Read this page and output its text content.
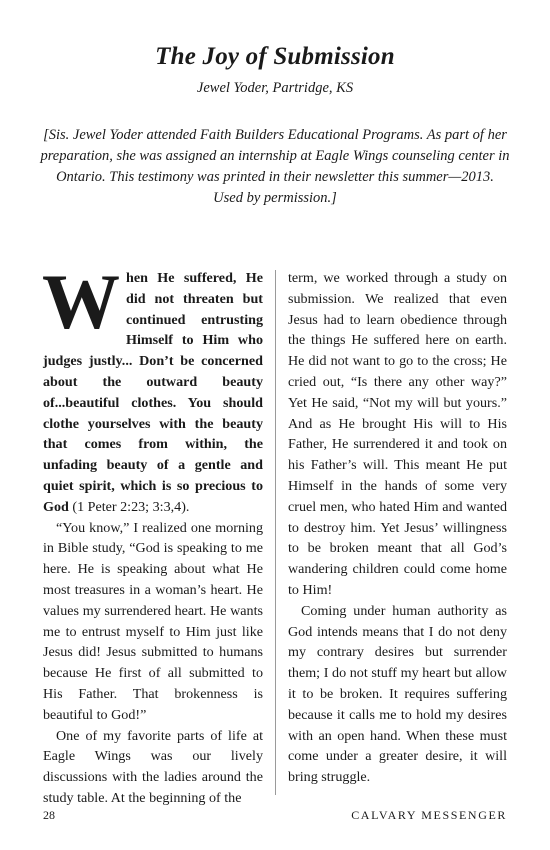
The Joy of Submission
Jewel Yoder, Partridge, KS
[Sis. Jewel Yoder attended Faith Builders Educational Programs. As part of her preparation, she was assigned an internship at Eagle Wings counseling center in Ontario. This testimony was printed in their newsletter this summer—2013. Used by permission.]

When He suffered, He did not threaten but continued entrusting Himself to Him who judges justly... Don’t be concerned about the outward beauty of...beautiful clothes. You should clothe yourselves with the beauty that comes from within, the unfading beauty of a gentle and quiet spirit, which is so precious to God (1 Peter 2:23; 3:3,4).

“You know,” I realized one morning in Bible study, “God is speaking to me here. He is speaking about what He most treasures in a woman’s heart. He values my surrendered heart. He wants me to entrust myself to Him just like Jesus did! Jesus submitted to humans because He first of all submitted to His Father. That brokenness is beautiful to God!”

One of my favorite parts of life at Eagle Wings was our lively discussions with the ladies around the study table. At the beginning of the

term, we worked through a study on submission. We realized that even Jesus had to learn obedience through the things He suffered here on earth. He did not want to go to the cross; He cried out, “Is there any other way?” Yet He said, “Not my will but yours.” And as He brought His will to His Father, He surrendered it and took on his Father’s will. This meant He put Himself in the hands of some very cruel men, who hated Him and wanted to destroy him. Yet Jesus’ willingness to be broken meant that all God’s wandering children could come home to Him!

Coming under human authority as God intends means that I do not deny my contrary desires but surrender them; I do not stuff my heart but allow it to be broken. It requires suffering because it calls me to hold my desires with an open hand. When these must come under a greater desire, it will bring struggle.

28	CALVARY MESSENGER
